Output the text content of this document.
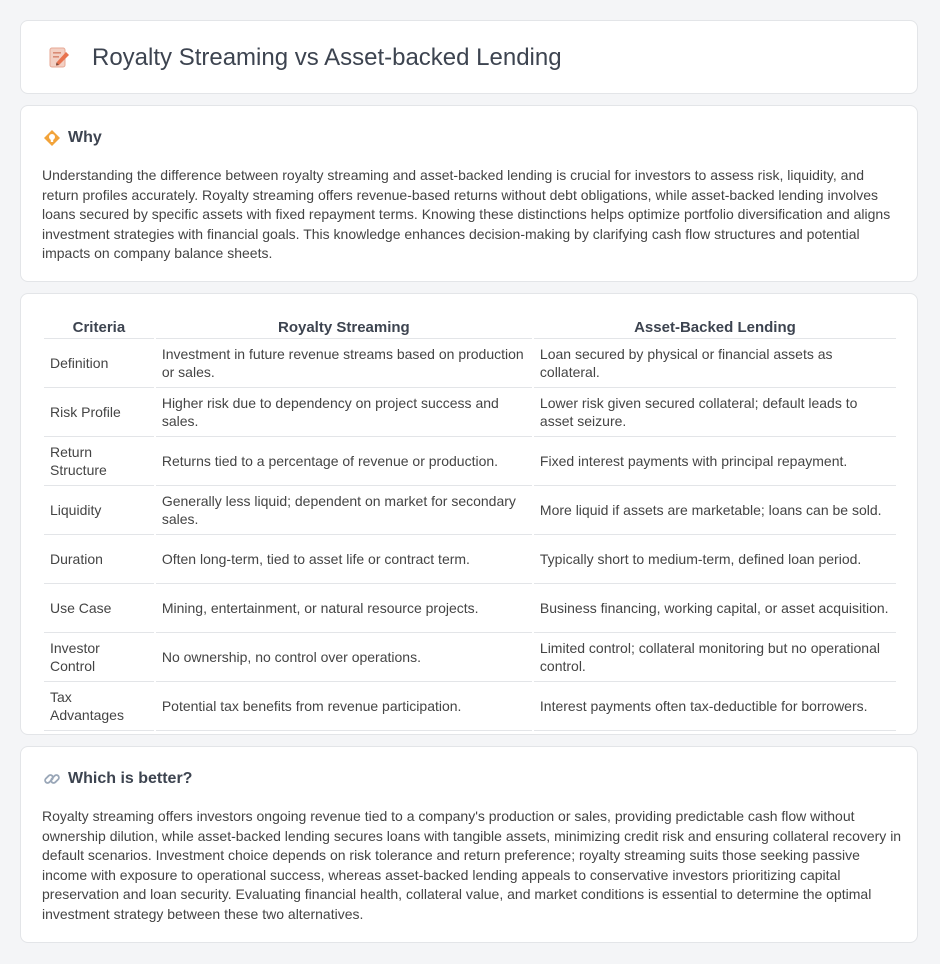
Royalty Streaming vs Asset-backed Lending
Why

Understanding the difference between royalty streaming and asset-backed lending is crucial for investors to assess risk, liquidity, and return profiles accurately. Royalty streaming offers revenue-based returns without debt obligations, while asset-backed lending involves loans secured by specific assets with fixed repayment terms. Knowing these distinctions helps optimize portfolio diversification and aligns investment strategies with financial goals. This knowledge enhances decision-making by clarifying cash flow structures and potential impacts on company balance sheets.

Criteria	Royalty Streaming	Asset-Backed Lending
Definition	Investment in future revenue streams based on production or sales.	Loan secured by physical or financial assets as collateral.
Risk Profile	Higher risk due to dependency on project success and sales.	Lower risk given secured collateral; default leads to asset seizure.
Return Structure	Returns tied to a percentage of revenue or production.	Fixed interest payments with principal repayment.
Liquidity	Generally less liquid; dependent on market for secondary sales.	More liquid if assets are marketable; loans can be sold.
Duration	Often long-term, tied to asset life or contract term.	Typically short to medium-term, defined loan period.
Use Case	Mining, entertainment, or natural resource projects.	Business financing, working capital, or asset acquisition.
Investor Control	No ownership, no control over operations.	Limited control; collateral monitoring but no operational control.
Tax Advantages	Potential tax benefits from revenue participation.	Interest payments often tax-deductible for borrowers.
Which is better?

Royalty streaming offers investors ongoing revenue tied to a company's production or sales, providing predictable cash flow without ownership dilution, while asset-backed lending secures loans with tangible assets, minimizing credit risk and ensuring collateral recovery in default scenarios. Investment choice depends on risk tolerance and return preference; royalty streaming suits those seeking passive income with exposure to operational success, whereas asset-backed lending appeals to conservative investors prioritizing capital preservation and loan security. Evaluating financial health, collateral value, and market conditions is essential to determine the optimal investment strategy between these two alternatives.
